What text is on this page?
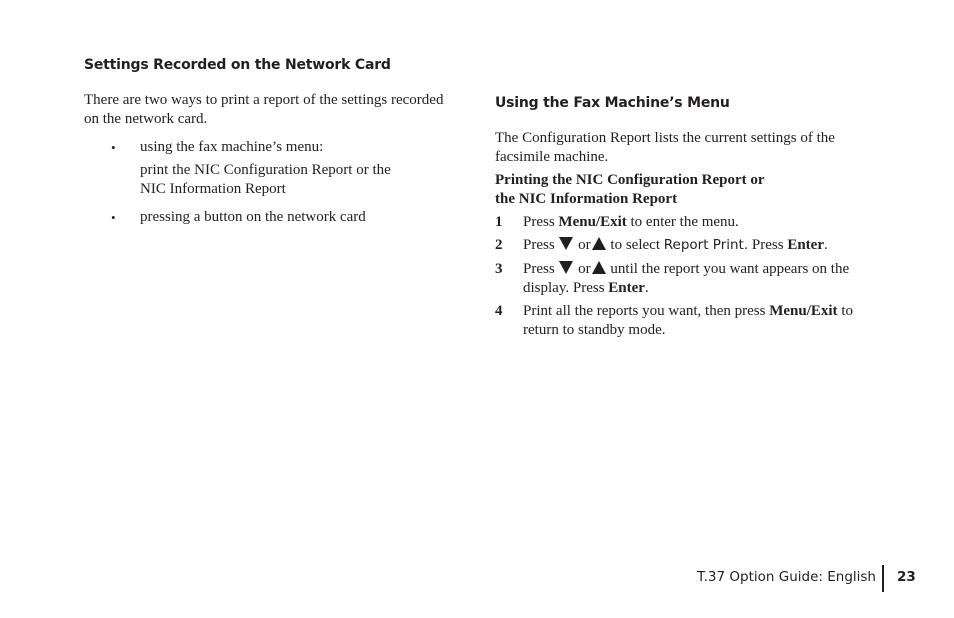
Settings Recorded on the Network Card
There are two ways to print a report of the settings recorded
on the network card.
• using the fax machine’s menu:
print the NIC Configuration Report or the
NIC Information Report
• pressing a button on the network card
Using the Fax Machine’s Menu
The Configuration Report lists the current settings of the
facsimile machine.
Printing the NIC Configuration Report or
the NIC Information Report
1 Press Menu/Exit to enter the menu.
2 Press  or to select Report Print. Press Enter.
3 Press  or until the report you want appears on the
display. Press Enter.
4 Print all the reports you want, then press Menu/Exit to
return to standby mode.
T.37 Option Guide: English 23
